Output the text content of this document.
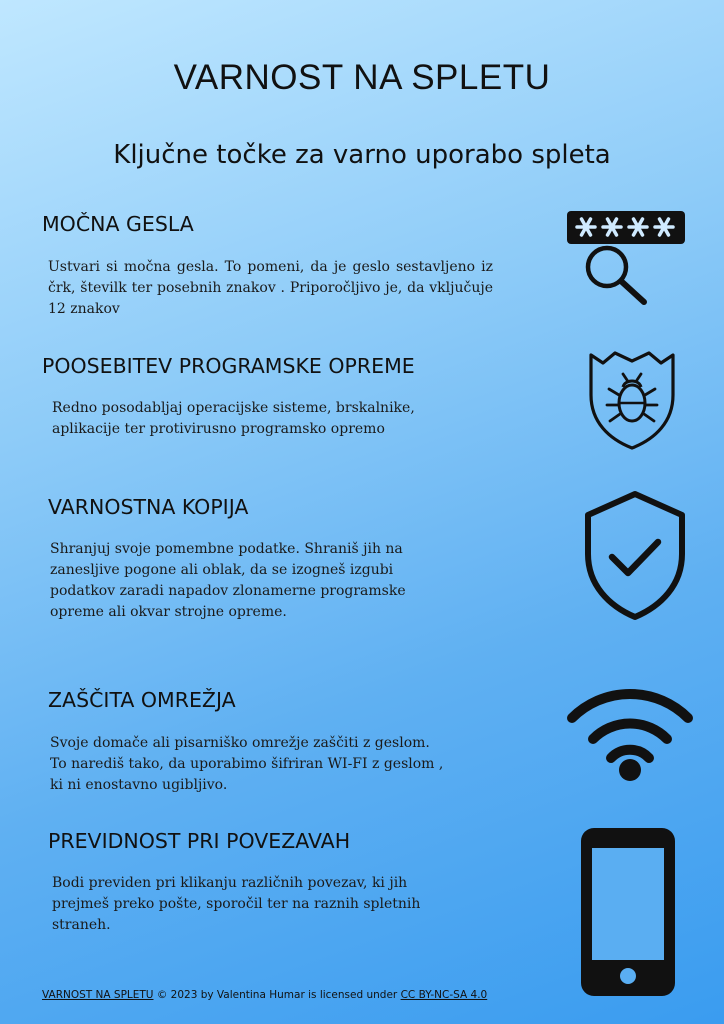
VARNOST NA SPLETU
Ključne točke za varno uporabo spleta
MOČNA GESLA
Ustvari si močna gesla. To pomeni, da je geslo sestavljeno iz črk, številk ter posebnih znakov . Priporočljivo je, da vključuje 12 znakov
POOSEBITEV PROGRAMSKE OPREME
Redno posodabljaj operacijske sisteme, brskalnike, aplikacije ter protivirusno programsko opremo
VARNOSTNA KOPIJA
Shranjuj svoje pomembne podatke. Shraniš jih na zanesljive pogone ali oblak, da se izogneš izgubi podatkov zaradi napadov zlonamerne programske opreme ali okvar strojne opreme.
ZAŠČITA OMREŽJA
Svoje domače ali pisarniško omrežje zaščiti z geslom. To narediš tako, da uporabimo šifriran WI-FI z geslom , ki ni enostavno ugibljivo.
PREVIDNOST PRI POVEZAVAH
Bodi previden pri klikanju različnih povezav, ki jih prejmeš preko pošte, sporočil ter na raznih spletnih straneh.
VARNOST NA SPLETU © 2023 by Valentina Humar is licensed under CC BY-NC-SA 4.0
